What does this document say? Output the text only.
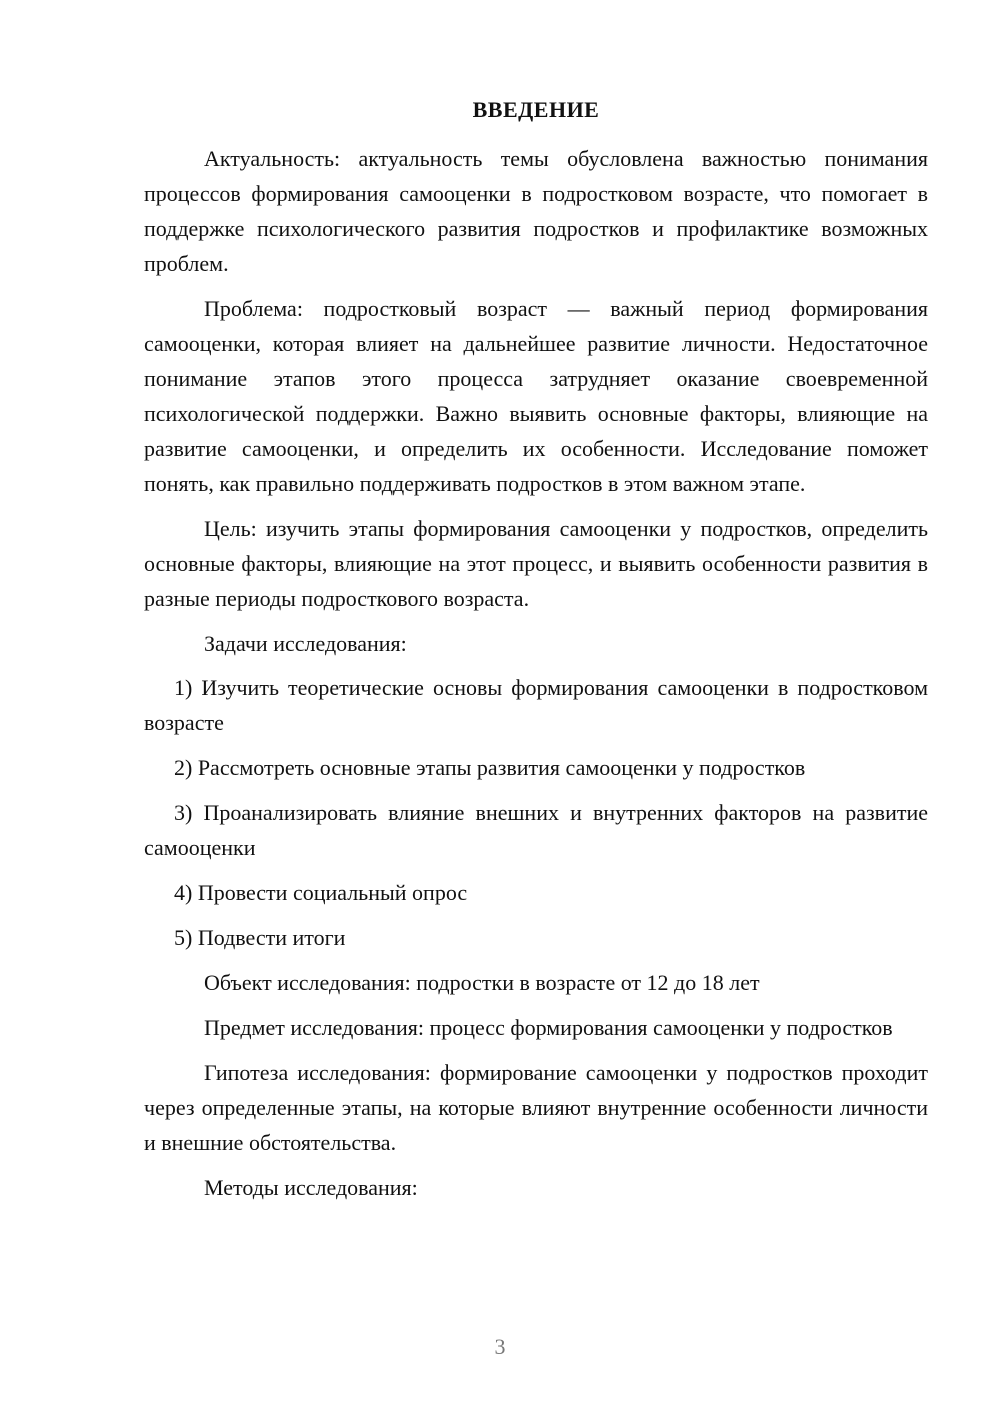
ВВЕДЕНИЕ

Актуальность: актуальность темы обусловлена важностью понимания процессов формирования самооценки в подростковом возрасте, что помогает в поддержке психологического развития подростков и профилактике возможных проблем.

Проблема: подростковый возраст — важный период формирования самооценки, которая влияет на дальнейшее развитие личности. Недостаточное понимание этапов этого процесса затрудняет оказание своевременной психологической поддержки. Важно выявить основные факторы, влияющие на развитие самооценки, и определить их особенности. Исследование поможет понять, как правильно поддерживать подростков в этом важном этапе.

Цель: изучить этапы формирования самооценки у подростков, определить основные факторы, влияющие на этот процесс, и выявить особенности развития в разные периоды подросткового возраста.

Задачи исследования:

1) Изучить теоретические основы формирования самооценки в подростковом возрасте

2) Рассмотреть основные этапы развития самооценки у подростков

3) Проанализировать влияние внешних и внутренних факторов на развитие самооценки

4) Провести социальный опрос

5) Подвести итоги

Объект исследования: подростки в возрасте от 12 до 18 лет

Предмет исследования: процесс формирования самооценки у подростков

Гипотеза исследования: формирование самооценки у подростков проходит через определенные этапы, на которые влияют внутренние особенности личности и внешние обстоятельства.

Методы исследования:

3
